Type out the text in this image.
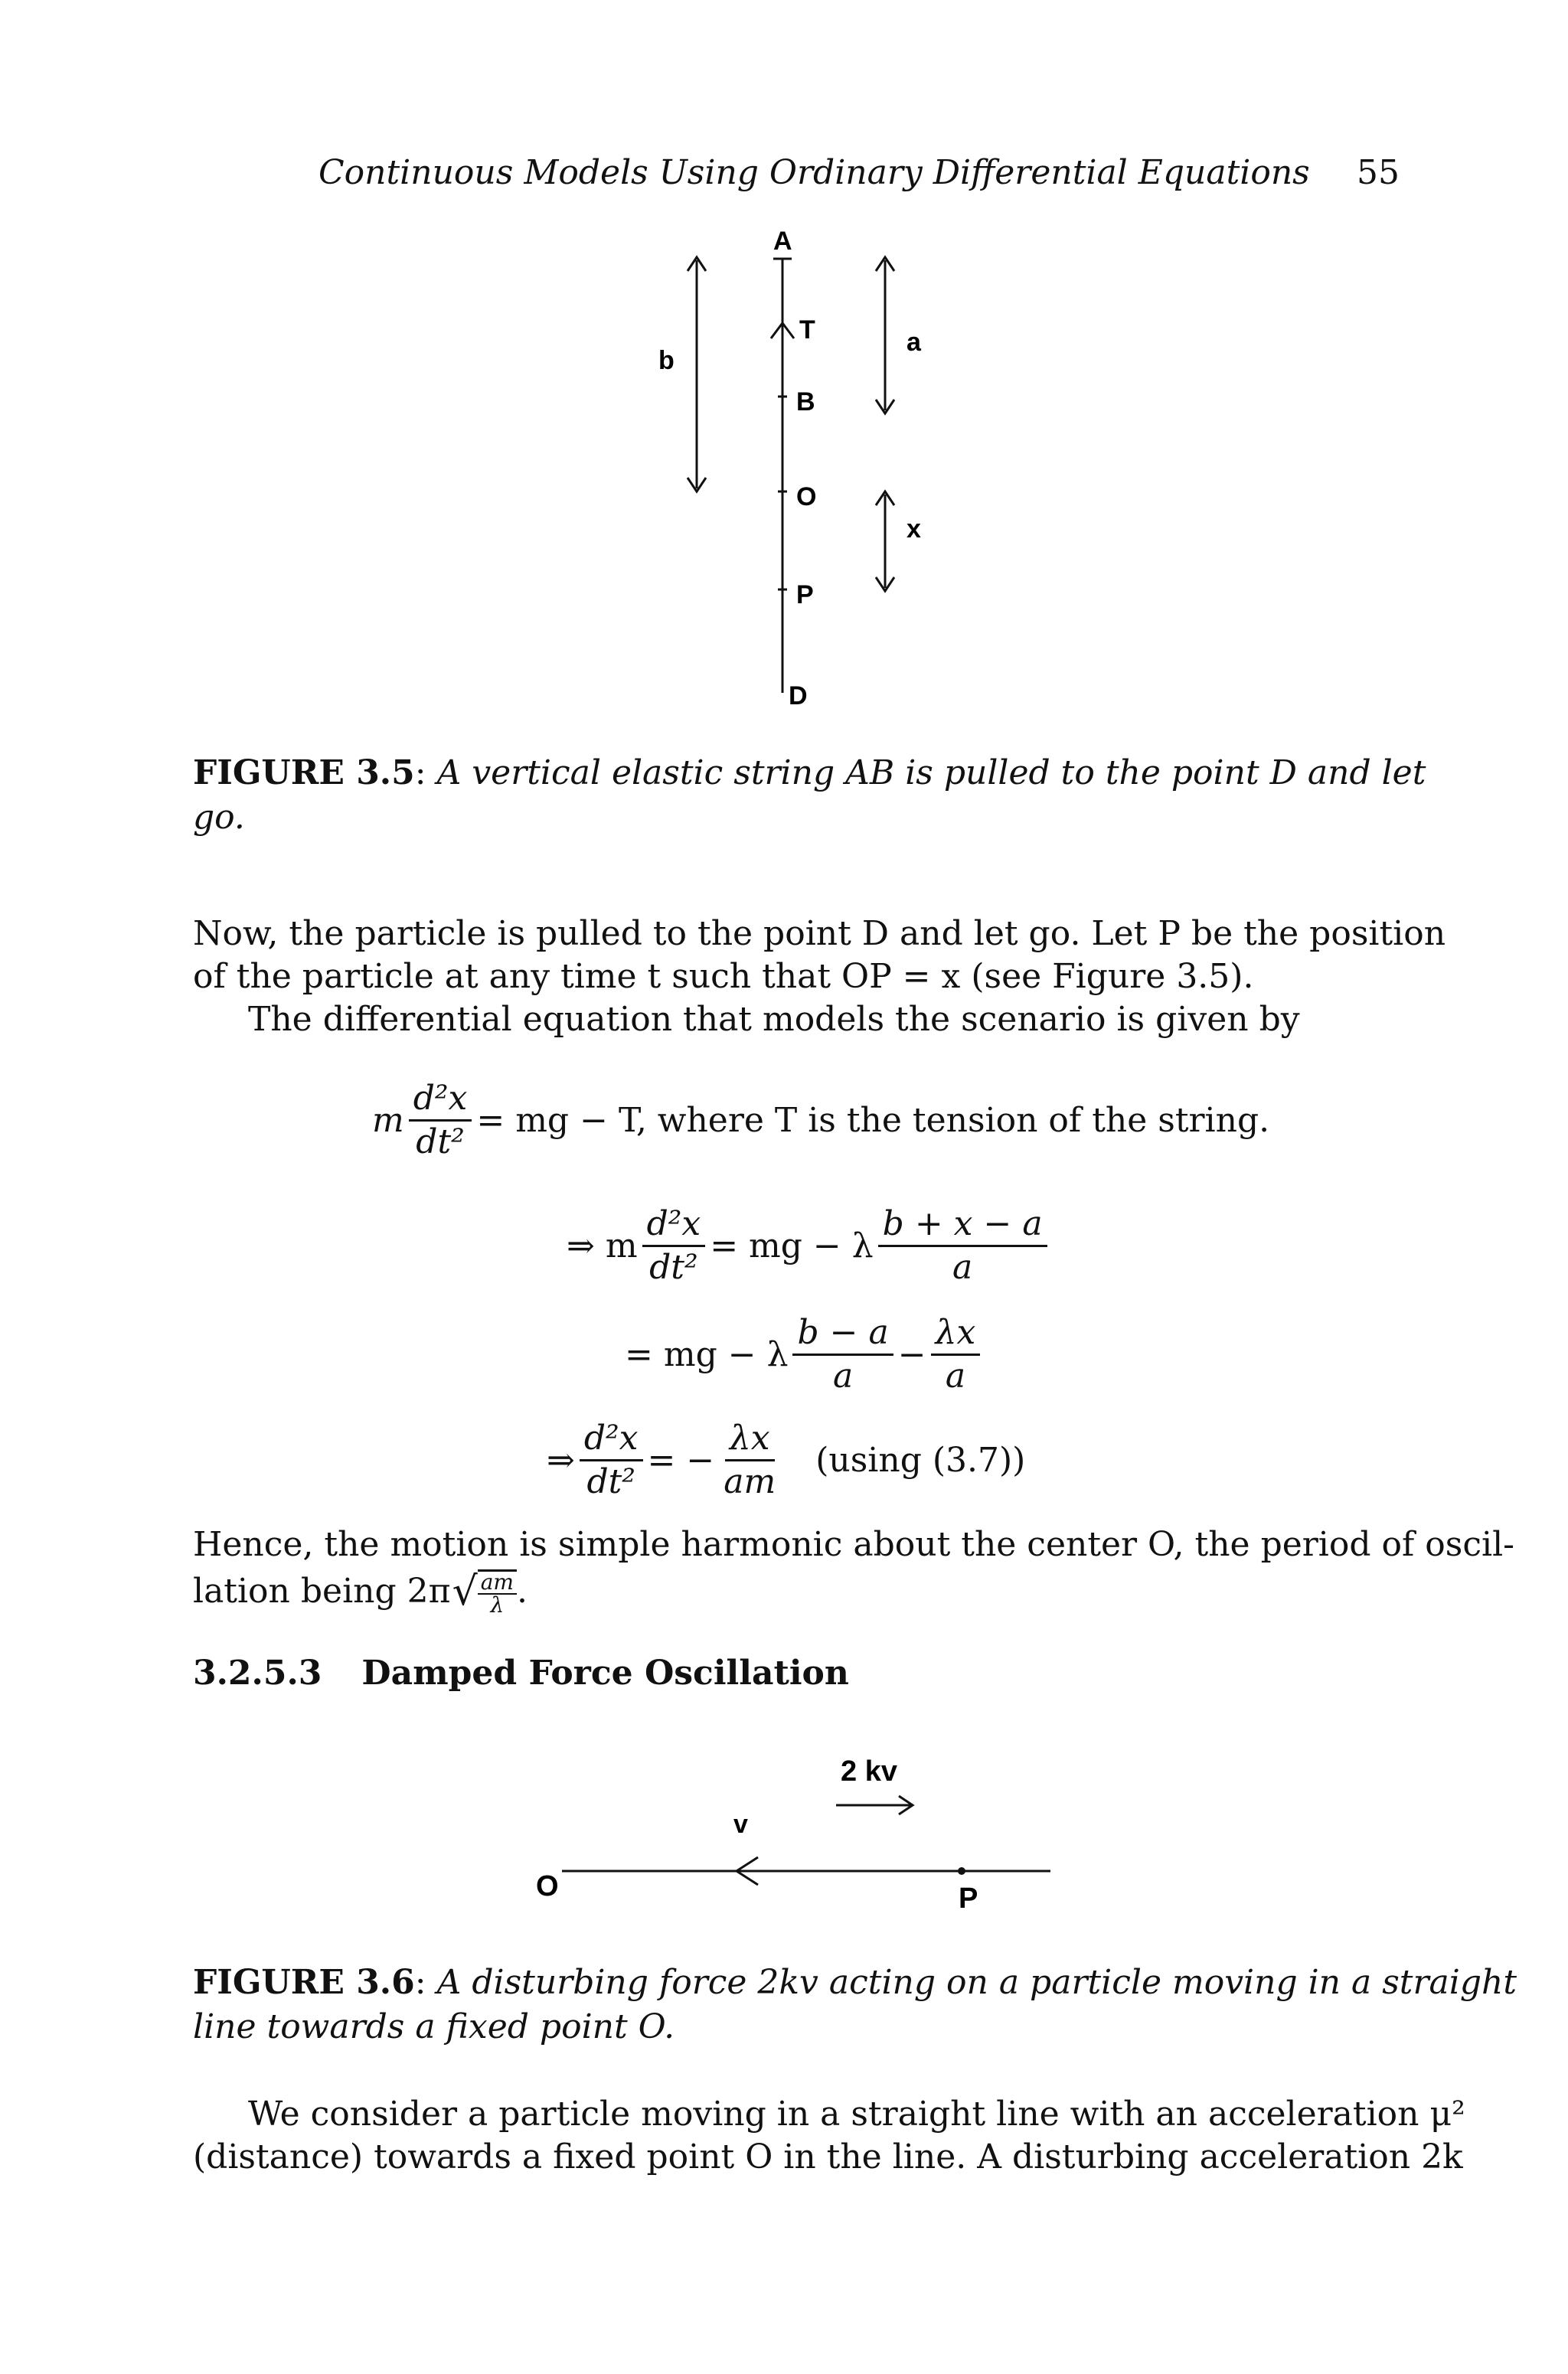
Continuous Models Using Ordinary Differential Equations 55
A
T
B
O
P
D
b
a
x
FIGURE 3.5: A vertical elastic string AB is pulled to the point D and let
go.
Now, the particle is pulled to the point D and let go. Let P be the position
of the particle at any time t such that OP = x (see Figure 3.5).
The differential equation that models the scenario is given by
m $\frac{\text{d²x}}{\text{dt²}}$ = mg − T, where T is the tension of the string.
⇒ m $\frac{\text{d²x}}{\text{dt²}}$ = mg − λ $\frac{b + x - a}{a}$
= mg − λ $\frac{b - a}{a} - \frac{\lambda x}{a}$
⇒ $\frac{\text{d²x}}{\text{dt²}}$ = − $\frac{\lambda x}{am} (using$ (3.7))
Hence, the motion is simple harmonic about the center O, the period of oscil-
lation being 2π √ am
λ .
3.2.5.3 Damped Force Oscillation
2 kv
v
O	P
FIGURE 3.6: A disturbing force 2kv acting on a particle moving in a straight
line towards a fixed point O.
We consider a particle moving in a straight line with an acceleration μ²
(distance) towards a fixed point O in the line. A disturbing acceleration 2k
